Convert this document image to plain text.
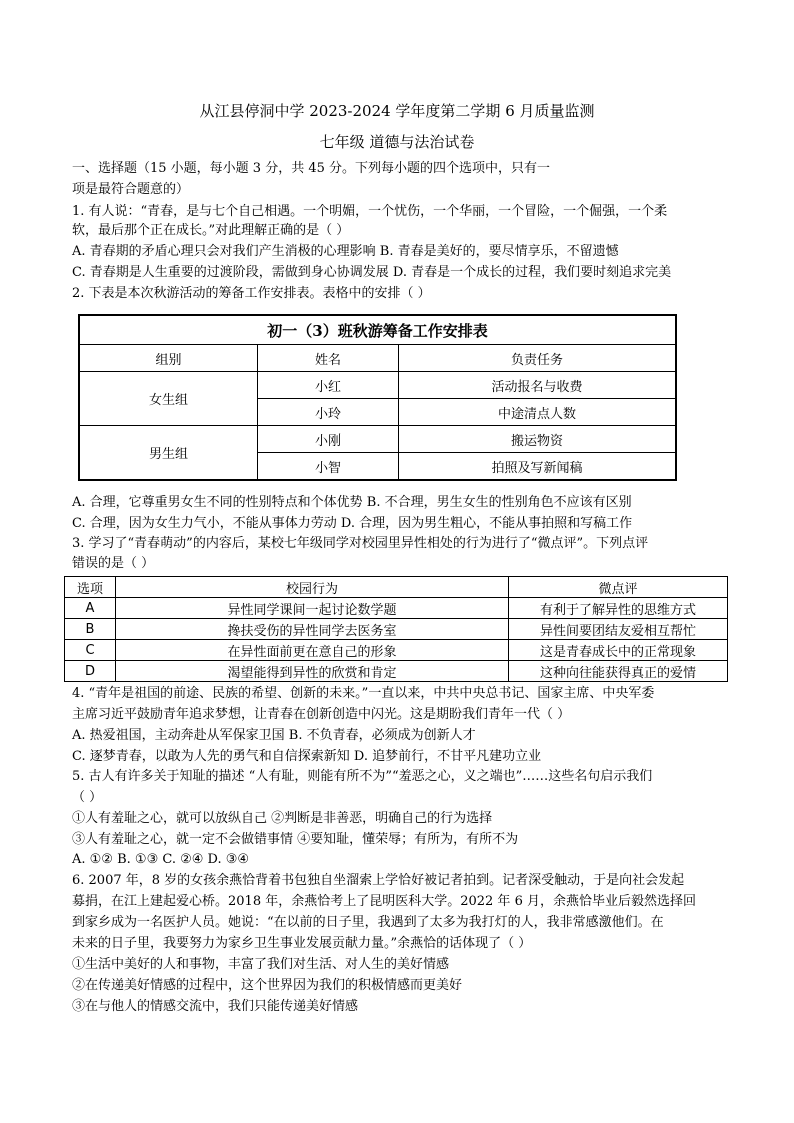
从江县停洞中学 2023-2024 学年度第二学期 6 月质量监测
七年级 道德与法治试卷
一、选择题（15 小题，每小题 3 分，共 45 分。下列每小题的四个选项中，只有一
项是最符合题意的）
1. 有人说：“青春，是与七个自己相遇。一个明媚，一个忧伤，一个华丽，一个冒险，一个倔强，一个柔
软，最后那个正在成长。”对此理解正确的是（ ）
A. 青春期的矛盾心理只会对我们产生消极的心理影响 B. 青春是美好的，要尽情享乐，不留遗憾
C. 青春期是人生重要的过渡阶段，需做到身心协调发展 D. 青春是一个成长的过程，我们要时刻追求完美
2. 下表是本次秋游活动的筹备工作安排表。表格中的安排（ ）
初一（3）班秋游筹备工作安排表		
组别	姓名	负责任务
女生组	小红	活动报名与收费
	小玲	中途清点人数
男生组	小刚	搬运物资
	小智	拍照及写新闻稿
A. 合理，它尊重男女生不同的性别特点和个体优势 B. 不合理，男生女生的性别角色不应该有区别
C. 合理，因为女生力气小，不能从事体力劳动 D. 合理，因为男生粗心，不能从事拍照和写稿工作
3. 学习了“青春萌动”的内容后，某校七年级同学对校园里异性相处的行为进行了“微点评”。下列点评
错误的是（ ）
选项	校园行为	微点评
A	异性同学课间一起讨论数学题	有利于了解异性的思维方式
B	搀扶受伤的异性同学去医务室	异性间要团结友爱相互帮忙
C	在异性面前更在意自己的形象	这是青春成长中的正常现象
D	渴望能得到异性的欣赏和肯定	这种向往能获得真正的爱情
4. “青年是祖国的前途、民族的希望、创新的未来。”一直以来，中共中央总书记、国家主席、中央军委
主席习近平鼓励青年追求梦想，让青春在创新创造中闪光。这是期盼我们青年一代（ ）
A. 热爱祖国，主动奔赴从军保家卫国 B. 不负青春，必须成为创新人才
C. 逐梦青春，以敢为人先的勇气和自信探索新知 D. 追梦前行，不甘平凡建功立业
5. 古人有许多关于知耻的描述 “人有耻，则能有所不为”“羞恶之心，义之端也”……这些名句启示我们
（ ）
①人有羞耻之心，就可以放纵自己 ②判断是非善恶，明确自己的行为选择
③人有羞耻之心，就一定不会做错事情 ④要知耻，懂荣辱；有所为，有所不为
A. ①② B. ①③ C. ②④ D. ③④
6. 2007 年，8 岁的女孩余燕恰背着书包独自坐溜索上学恰好被记者拍到。记者深受触动，于是向社会发起
募捐，在江上建起爱心桥。2018 年，余燕恰考上了昆明医科大学。2022 年 6 月，余燕恰毕业后毅然选择回
到家乡成为一名医护人员。她说：“在以前的日子里，我遇到了太多为我打灯的人，我非常感激他们。在
未来的日子里，我要努力为家乡卫生事业发展贡献力量。”余燕恰的话体现了（ ）
①生活中美好的人和事物，丰富了我们对生活、对人生的美好情感
②在传递美好情感的过程中，这个世界因为我们的积极情感而更美好
③在与他人的情感交流中，我们只能传递美好情感
